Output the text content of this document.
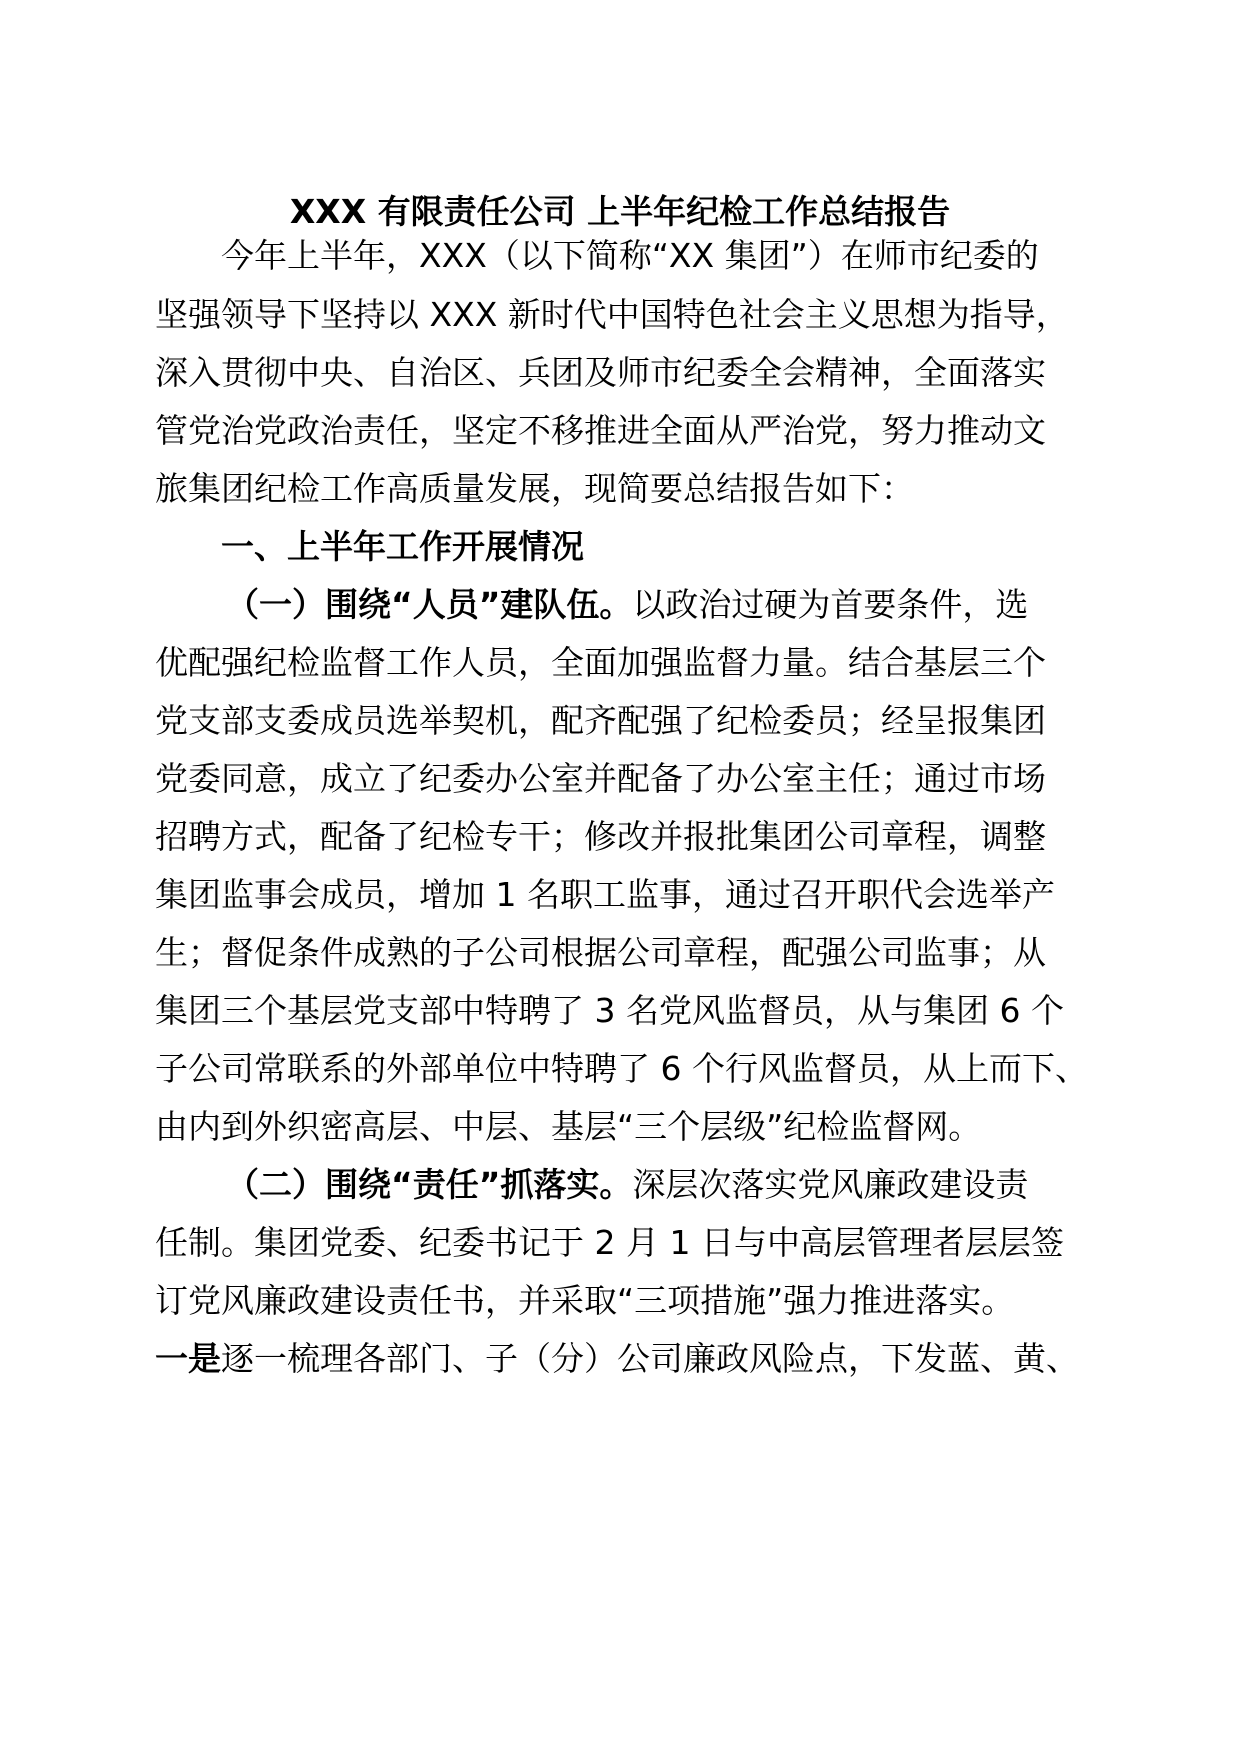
XXX 有限责任公司 上半年纪检工作总结报告

今年上半年，XXX（以下简称“XX 集团”）在师市纪委的

坚强领导下坚持以 XXX 新时代中国特色社会主义思想为指导，

深入贯彻中央、自治区、兵团及师市纪委全会精神，全面落实

管党治党政治责任，坚定不移推进全面从严治党，努力推动文

旅集团纪检工作高质量发展，现简要总结报告如下：

一、上半年工作开展情况

（一）围绕“人员”建队伍。以政治过硬为首要条件，选

优配强纪检监督工作人员，全面加强监督力量。结合基层三个

党支部支委成员选举契机，配齐配强了纪检委员；经呈报集团

党委同意，成立了纪委办公室并配备了办公室主任；通过市场

招聘方式，配备了纪检专干；修改并报批集团公司章程，调整

集团监事会成员，增加 1 名职工监事，通过召开职代会选举产

生；督促条件成熟的子公司根据公司章程，配强公司监事；从

集团三个基层党支部中特聘了 3 名党风监督员，从与集团 6 个

子公司常联系的外部单位中特聘了 6 个行风监督员，从上而下、

由内到外织密高层、中层、基层“三个层级”纪检监督网。

（二）围绕“责任”抓落实。深层次落实党风廉政建设责

任制。集团党委、纪委书记于 2 月 1 日与中高层管理者层层签

订党风廉政建设责任书，并采取“三项措施”强力推进落实。

一是逐一梳理各部门、子（分）公司廉政风险点，下发蓝、黄、
